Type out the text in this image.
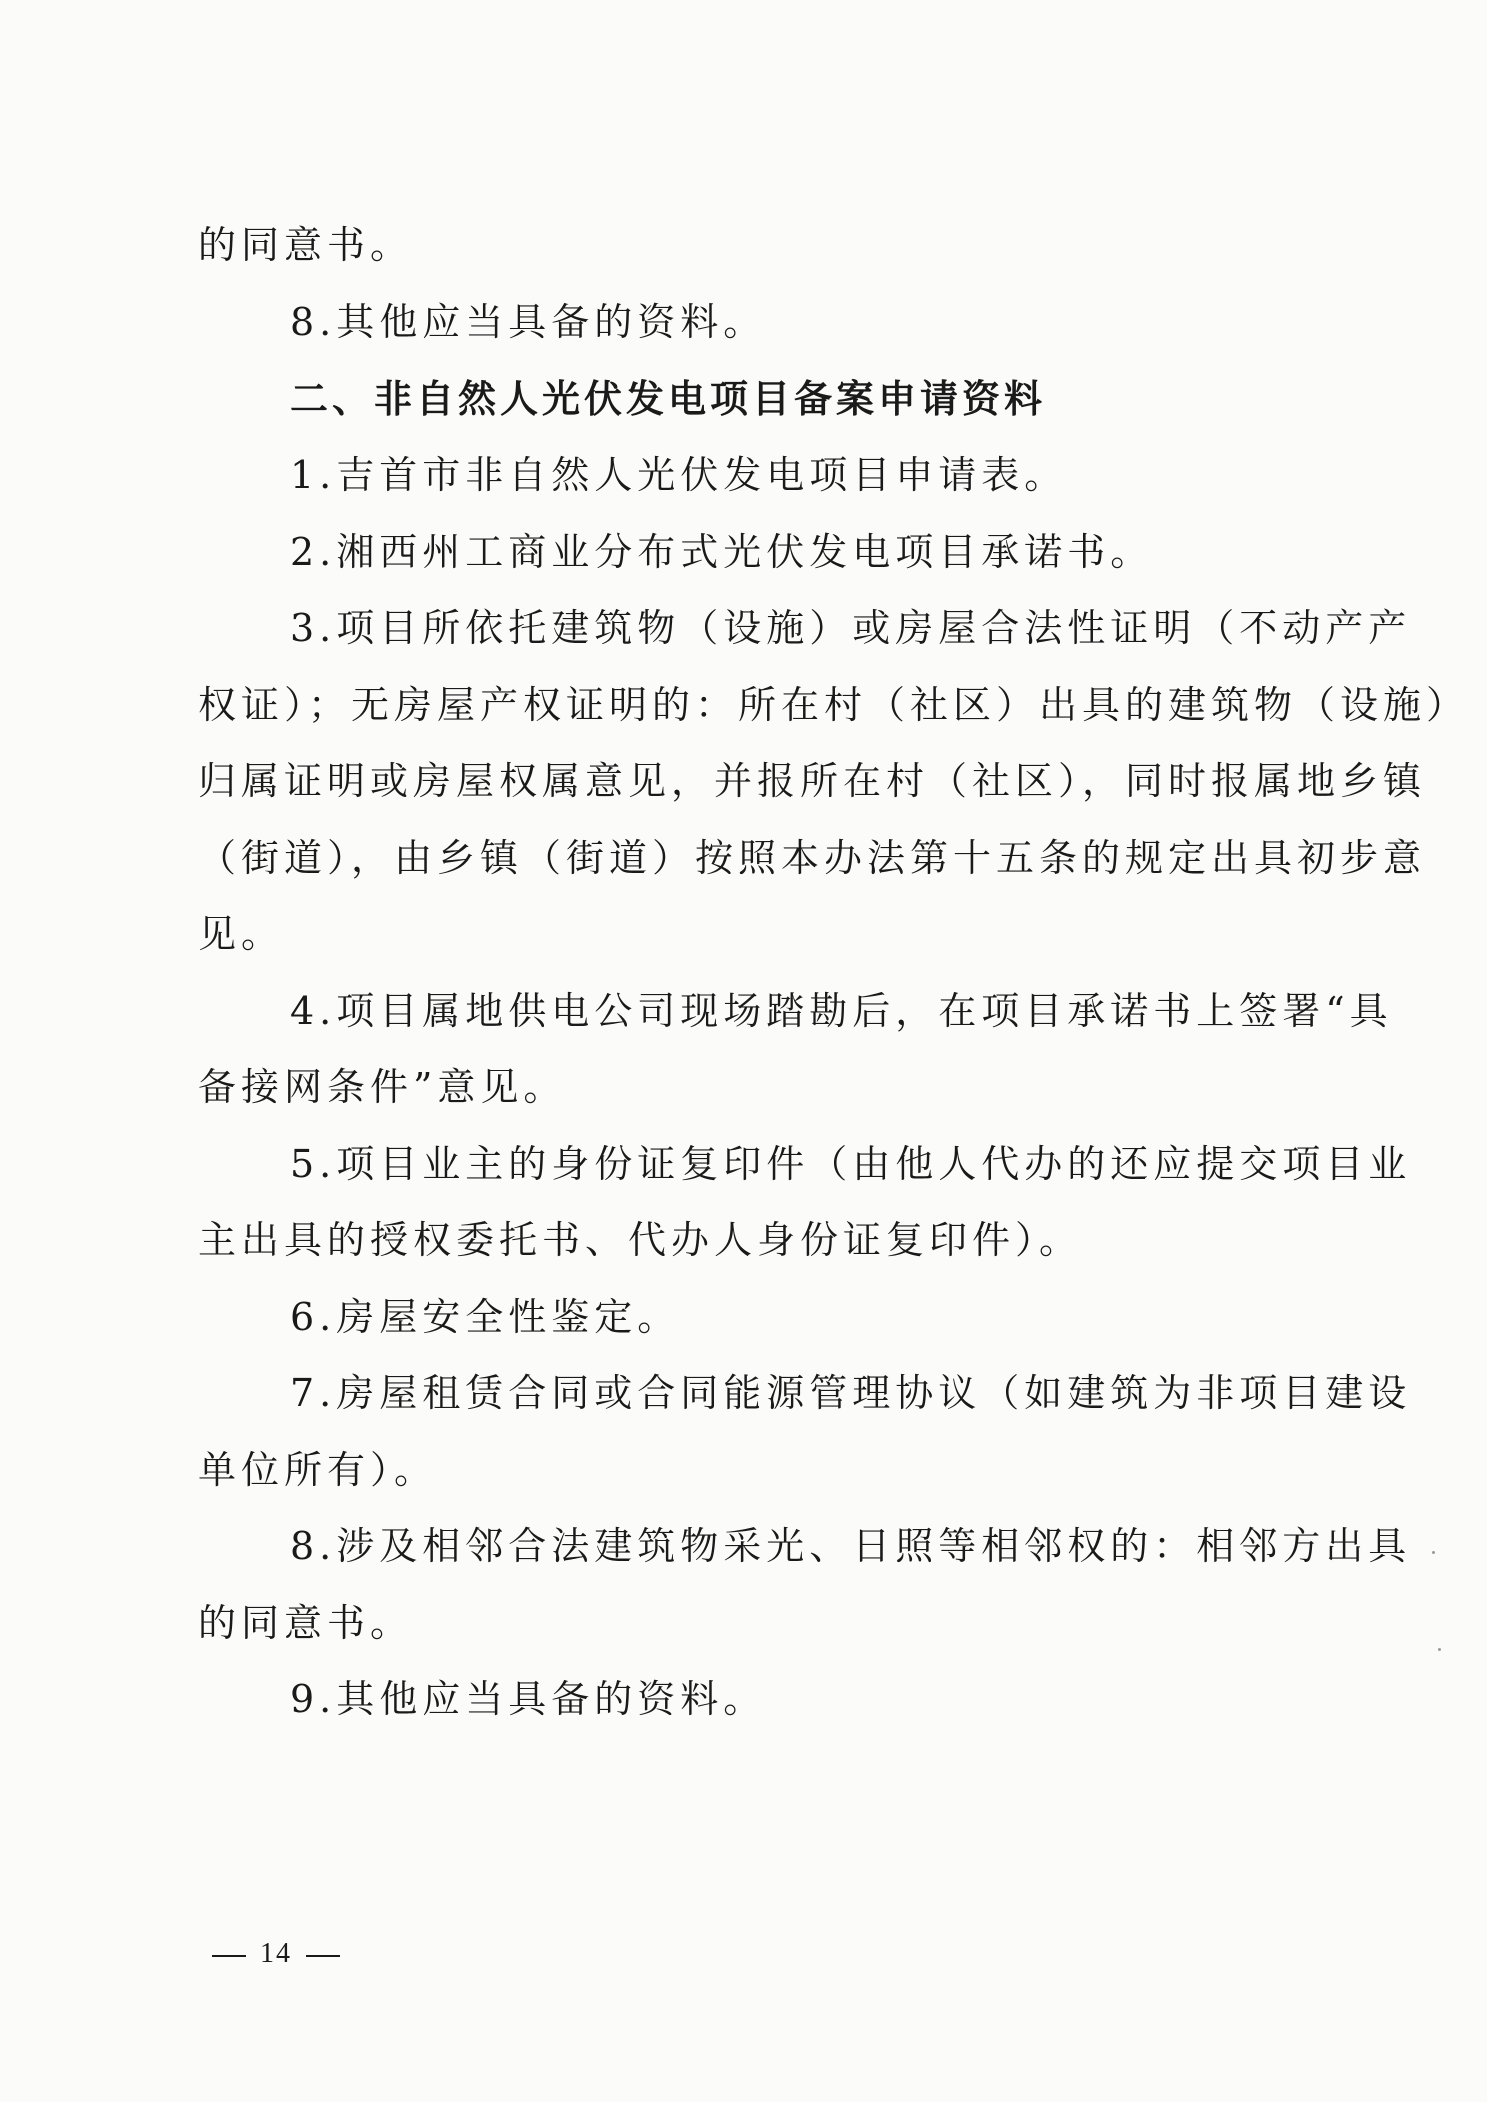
的同意书。
8.其他应当具备的资料。
二、非自然人光伏发电项目备案申请资料
1.吉首市非自然人光伏发电项目申请表。
2.湘西州工商业分布式光伏发电项目承诺书。
3.项目所依托建筑物（设施）或房屋合法性证明（不动产产
权证）；无房屋产权证明的：所在村（社区）出具的建筑物（设施）
归属证明或房屋权属意见，并报所在村（社区），同时报属地乡镇
（街道），由乡镇（街道）按照本办法第十五条的规定出具初步意
见。
4.项目属地供电公司现场踏勘后，在项目承诺书上签署“具
备接网条件”意见。
5.项目业主的身份证复印件（由他人代办的还应提交项目业
主出具的授权委托书、代办人身份证复印件）。
6.房屋安全性鉴定。
7.房屋租赁合同或合同能源管理协议（如建筑为非项目建设
单位所有）。
8.涉及相邻合法建筑物采光、日照等相邻权的：相邻方出具
的同意书。
9.其他应当具备的资料。
14
